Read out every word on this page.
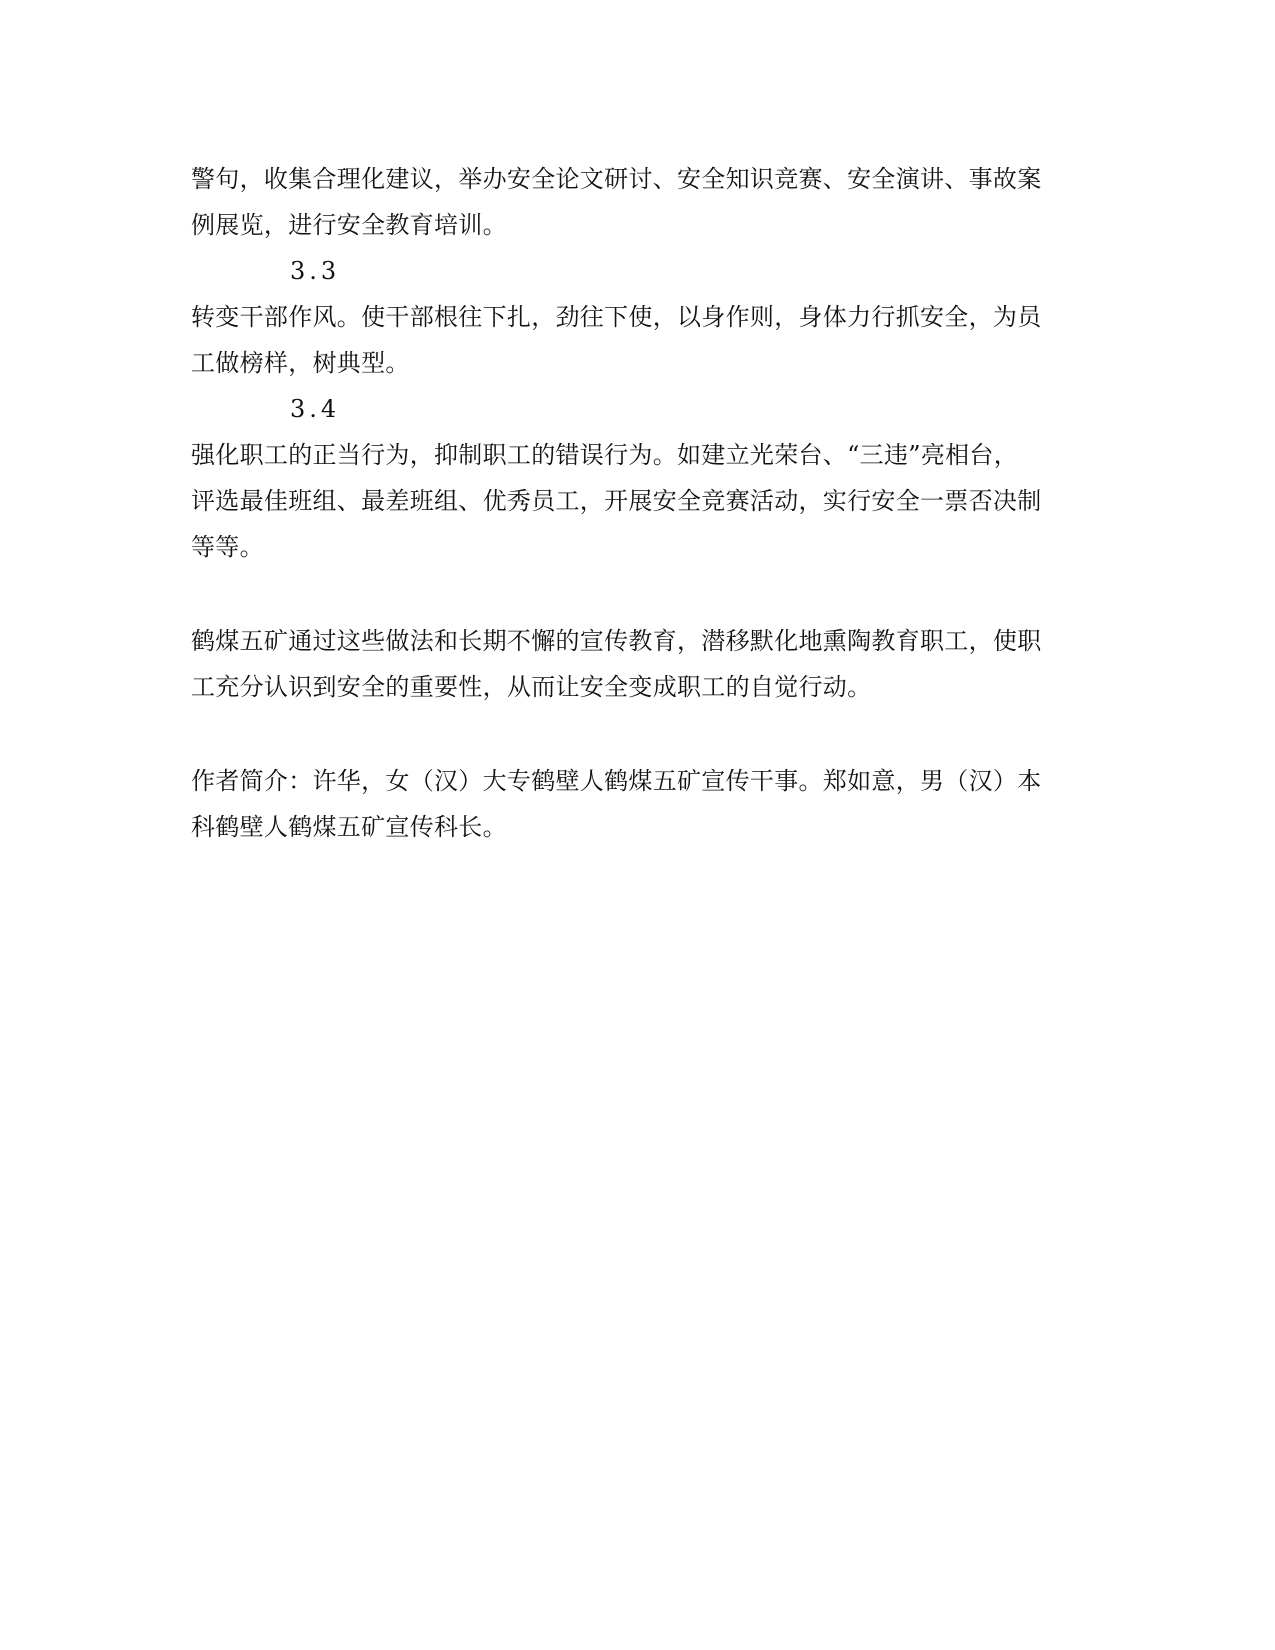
警句，收集合理化建议，举办安全论文研讨、安全知识竞赛、安全演讲、事故案
例展览，进行安全教育培训。
3.3
转变干部作风。使干部根往下扎，劲往下使，以身作则，身体力行抓安全，为员
工做榜样，树典型。
3.4
强化职工的正当行为，抑制职工的错误行为。如建立光荣台、“三违”亮相台，
评选最佳班组、最差班组、优秀员工，开展安全竞赛活动，实行安全一票否决制
等等。
鹤煤五矿通过这些做法和长期不懈的宣传教育，潜移默化地熏陶教育职工，使职
工充分认识到安全的重要性，从而让安全变成职工的自觉行动。
作者简介：许华，女（汉）大专鹤壁人鹤煤五矿宣传干事。郑如意，男（汉）本
科鹤壁人鹤煤五矿宣传科长。
